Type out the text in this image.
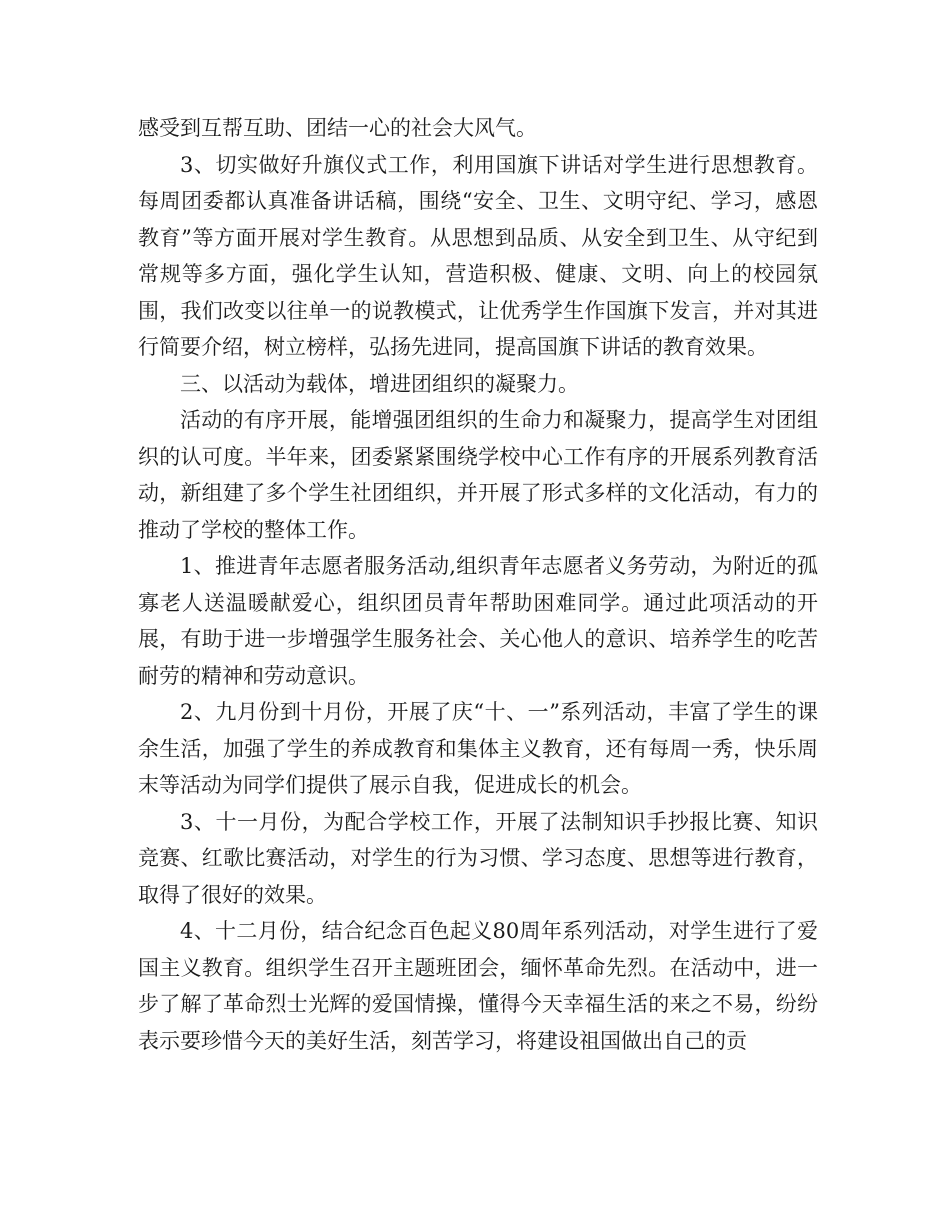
感受到互帮互助、团结一心的社会大风气。

3、切实做好升旗仪式工作，利用国旗下讲话对学生进行思想教育。每周团委都认真准备讲话稿，围绕“安全、卫生、文明守纪、学习，感恩教育”等方面开展对学生教育。从思想到品质、从安全到卫生、从守纪到常规等多方面，强化学生认知，营造积极、健康、文明、向上的校园氛围，我们改变以往单一的说教模式，让优秀学生作国旗下发言，并对其进行简要介绍，树立榜样，弘扬先进同，提高国旗下讲话的教育效果。

三、以活动为载体，增进团组织的凝聚力。

活动的有序开展，能增强团组织的生命力和凝聚力，提高学生对团组织的认可度。半年来，团委紧紧围绕学校中心工作有序的开展系列教育活动，新组建了多个学生社团组织，并开展了形式多样的文化活动，有力的推动了学校的整体工作。

1、推进青年志愿者服务活动,组织青年志愿者义务劳动，为附近的孤寡老人送温暖献爱心，组织团员青年帮助困难同学。通过此项活动的开展，有助于进一步增强学生服务社会、关心他人的意识、培养学生的吃苦耐劳的精神和劳动意识。

2、九月份到十月份，开展了庆“十、一”系列活动，丰富了学生的课余生活，加强了学生的养成教育和集体主义教育，还有每周一秀，快乐周末等活动为同学们提供了展示自我，促进成长的机会。

3、十一月份，为配合学校工作，开展了法制知识手抄报比赛、知识竞赛、红歌比赛活动，对学生的行为习惯、学习态度、思想等进行教育，取得了很好的效果。

4、十二月份，结合纪念百色起义80周年系列活动，对学生进行了爱国主义教育。组织学生召开主题班团会，缅怀革命先烈。在活动中，进一步了解了革命烈士光辉的爱国情操，懂得今天幸福生活的来之不易，纷纷表示要珍惜今天的美好生活，刻苦学习，将建设祖国做出自己的贡
